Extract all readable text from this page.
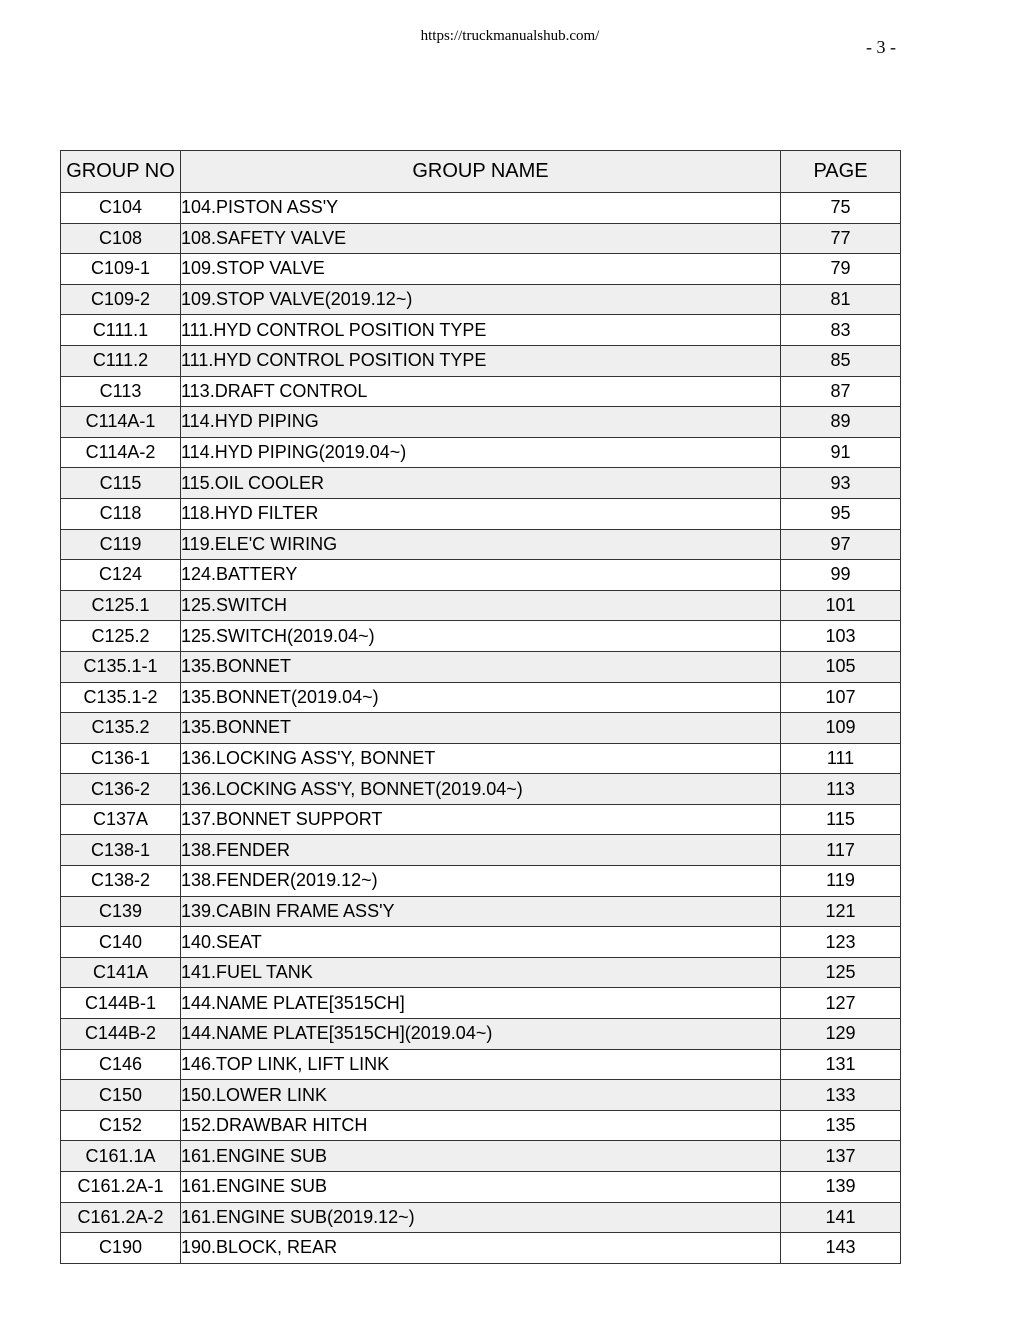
https://truckmanualshub.com/
- 3 -
GROUP NO	GROUP NAME	PAGE
C104	104.PISTON ASS'Y	75
C108	108.SAFETY VALVE	77
C109-1	109.STOP VALVE	79
C109-2	109.STOP VALVE(2019.12~)	81
C111.1	111.HYD CONTROL POSITION TYPE	83
C111.2	111.HYD CONTROL POSITION TYPE	85
C113	113.DRAFT CONTROL	87
C114A-1	114.HYD PIPING	89
C114A-2	114.HYD PIPING(2019.04~)	91
C115	115.OIL COOLER	93
C118	118.HYD FILTER	95
C119	119.ELE'C WIRING	97
C124	124.BATTERY	99
C125.1	125.SWITCH	101
C125.2	125.SWITCH(2019.04~)	103
C135.1-1	135.BONNET	105
C135.1-2	135.BONNET(2019.04~)	107
C135.2	135.BONNET	109
C136-1	136.LOCKING ASS'Y, BONNET	111
C136-2	136.LOCKING ASS'Y, BONNET(2019.04~)	113
C137A	137.BONNET SUPPORT	115
C138-1	138.FENDER	117
C138-2	138.FENDER(2019.12~)	119
C139	139.CABIN FRAME ASS'Y	121
C140	140.SEAT	123
C141A	141.FUEL TANK	125
C144B-1	144.NAME PLATE[3515CH]	127
C144B-2	144.NAME PLATE[3515CH](2019.04~)	129
C146	146.TOP LINK, LIFT LINK	131
C150	150.LOWER LINK	133
C152	152.DRAWBAR HITCH	135
C161.1A	161.ENGINE SUB	137
C161.2A-1	161.ENGINE SUB	139
C161.2A-2	161.ENGINE SUB(2019.12~)	141
C190	190.BLOCK, REAR	143
